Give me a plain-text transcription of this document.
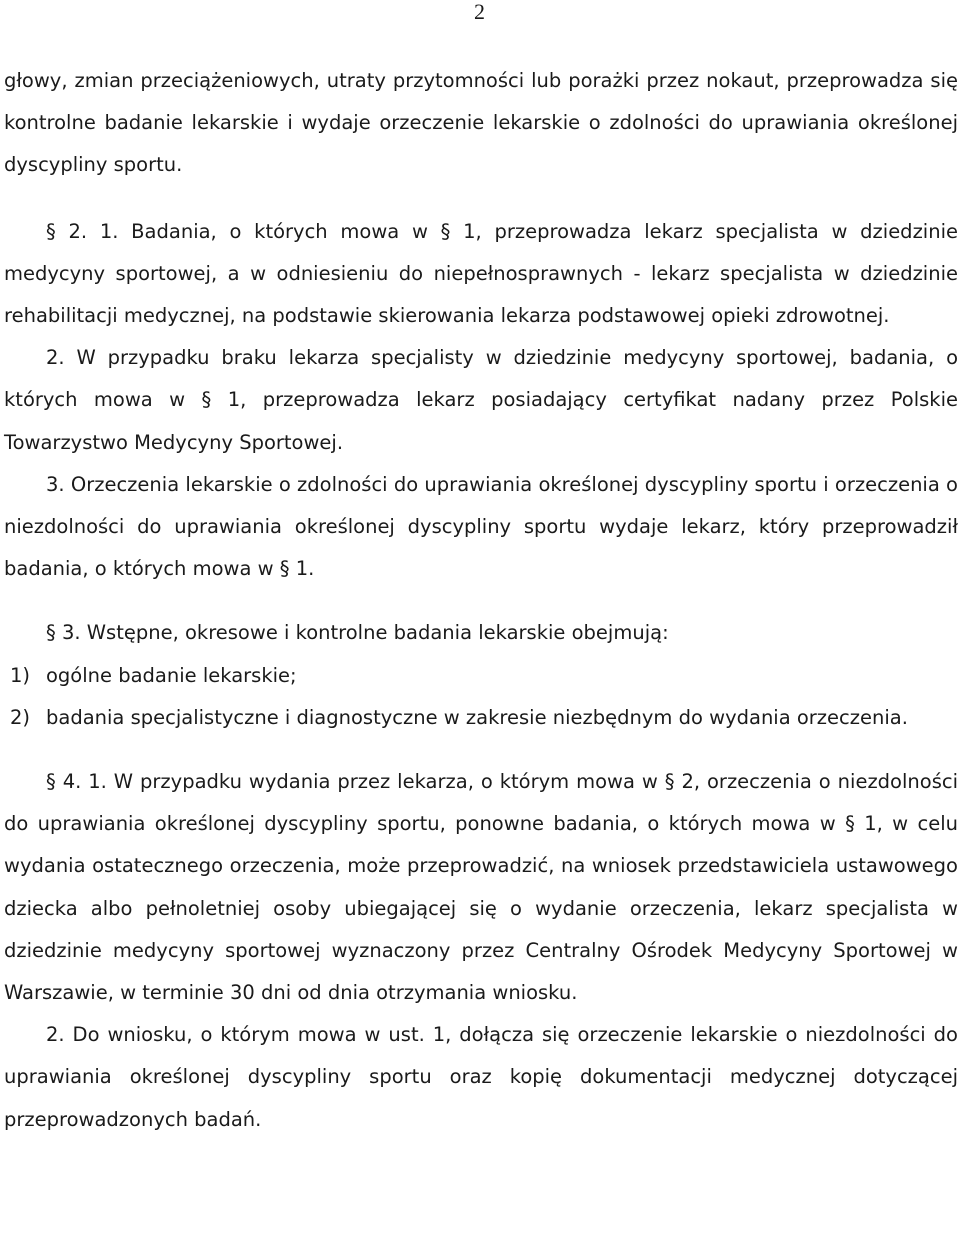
2

głowy, zmian przeciążeniowych, utraty przytomności lub porażki przez nokaut, przeprowadza się kontrolne badanie lekarskie i wydaje orzeczenie lekarskie o zdolności do uprawiania określonej dyscypliny sportu.

§ 2. 1. Badania, o których mowa w § 1, przeprowadza lekarz specjalista w dziedzinie medycyny sportowej, a w odniesieniu do niepełnosprawnych - lekarz specjalista w dziedzinie rehabilitacji medycznej, na podstawie skierowania lekarza podstawowej opieki zdrowotnej.

2. W przypadku braku lekarza specjalisty w dziedzinie medycyny sportowej, badania, o których mowa w § 1, przeprowadza lekarz posiadający certyfikat nadany przez Polskie Towarzystwo Medycyny Sportowej.

3. Orzeczenia lekarskie o zdolności do uprawiania określonej dyscypliny sportu i orzeczenia o niezdolności do uprawiania określonej dyscypliny sportu wydaje lekarz, który przeprowadził badania, o których mowa w § 1.

§ 3. Wstępne, okresowe i kontrolne badania lekarskie obejmują:

1) ogólne badanie lekarskie;

2) badania specjalistyczne i diagnostyczne w zakresie niezbędnym do wydania orzeczenia.

§ 4. 1. W przypadku wydania przez lekarza, o którym mowa w § 2, orzeczenia o niezdolności do uprawiania określonej dyscypliny sportu, ponowne badania, o których mowa w § 1, w celu wydania ostatecznego orzeczenia, może przeprowadzić, na wniosek przedstawiciela ustawowego dziecka albo pełnoletniej osoby ubiegającej się o wydanie orzeczenia, lekarz specjalista w dziedzinie medycyny sportowej wyznaczony przez Centralny Ośrodek Medycyny Sportowej w Warszawie, w terminie 30 dni od dnia otrzymania wniosku.

2. Do wniosku, o którym mowa w ust. 1, dołącza się orzeczenie lekarskie o niezdolności do uprawiania określonej dyscypliny sportu oraz kopię dokumentacji medycznej dotyczącej przeprowadzonych badań.
